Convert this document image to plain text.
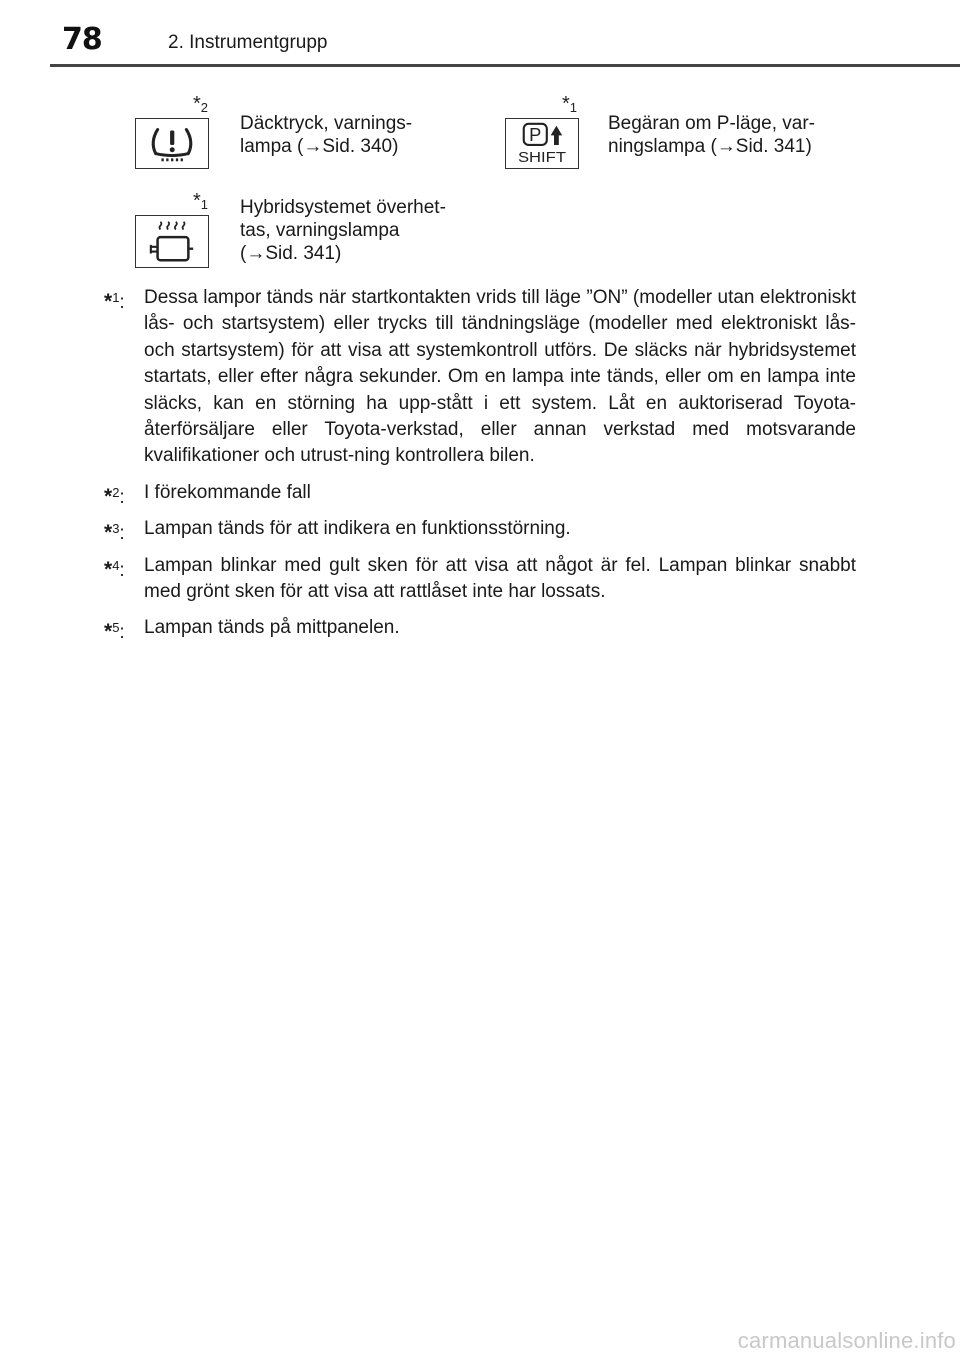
78	2. Instrumentgrupp
$*_2$
Däcktryck, varnings-
lampa (→Sid. 340)
$*_1$
P
SHIFT
Begäran om P-läge, var-
ningslampa (→Sid. 341)
$*_1$ Hybridsystemet överhet-
tas, varningslampa
(→Sid. 341)
*$^1$: Dessa lampor tänds när startkontakten vrids till läge ”ON” (modeller utan elektroniskt lås- och startsystem) eller trycks till tändningsläge (modeller med elektroniskt lås- och startsystem) för att visa att systemkontroll utförs. De släcks när hybridsystemet startats, eller efter några sekunder. Om en lampa inte tänds, eller om en lampa inte släcks, kan en störning ha upp-stått i ett system. Låt en auktoriserad Toyota-återförsäljare eller Toyota-verkstad, eller annan verkstad med motsvarande kvalifikationer och utrust-ning kontrollera bilen.
*$^2$: I förekommande fall
*$^3$: Lampan tänds för att indikera en funktionsstörning.
*$^4$: Lampan blinkar med gult sken för att visa att något är fel. Lampan blinkar snabbt med grönt sken för att visa att rattlåset inte har lossats.
*$^5$: Lampan tänds på mittpanelen.
carmanualsonline.info
